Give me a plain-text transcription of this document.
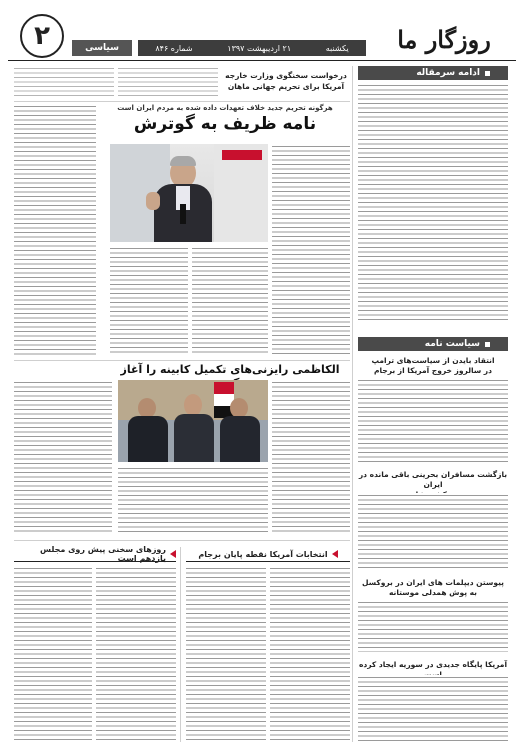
۲	سیاسی	یکشنبه
۲۱ اردیبهشت ۱۳۹۷
شماره ۸۴۶	روزگار ما
ادامه سرمقاله
سیاست نامه
انتقاد بایدن از سیاست‌های ترامپ
در سالروز خروج آمریکا از برجام
بازگشت مسافران بحرینی باقی مانده در ایران
پیوستن دیپلمات های ایران در بروکسل
به پوش همدلی موستانه
آمریکا پایگاه جدیدی در سوریه ایجاد کرده
درخواست سخنگوی وزارت خارجه
آمریکا برای تحریم جهانی ماهان
هرگونه تحریم جدید خلاف تعهدات داده شده به مردم ایران است
نامه ظریف به گوترش
الکاظمی رایزنی‌های تکمیل کابینه را آغاز
انتخابات آمریکا نقطه پایان برجام
روزهای سخنی پیش روی مجلس یازدهم است
